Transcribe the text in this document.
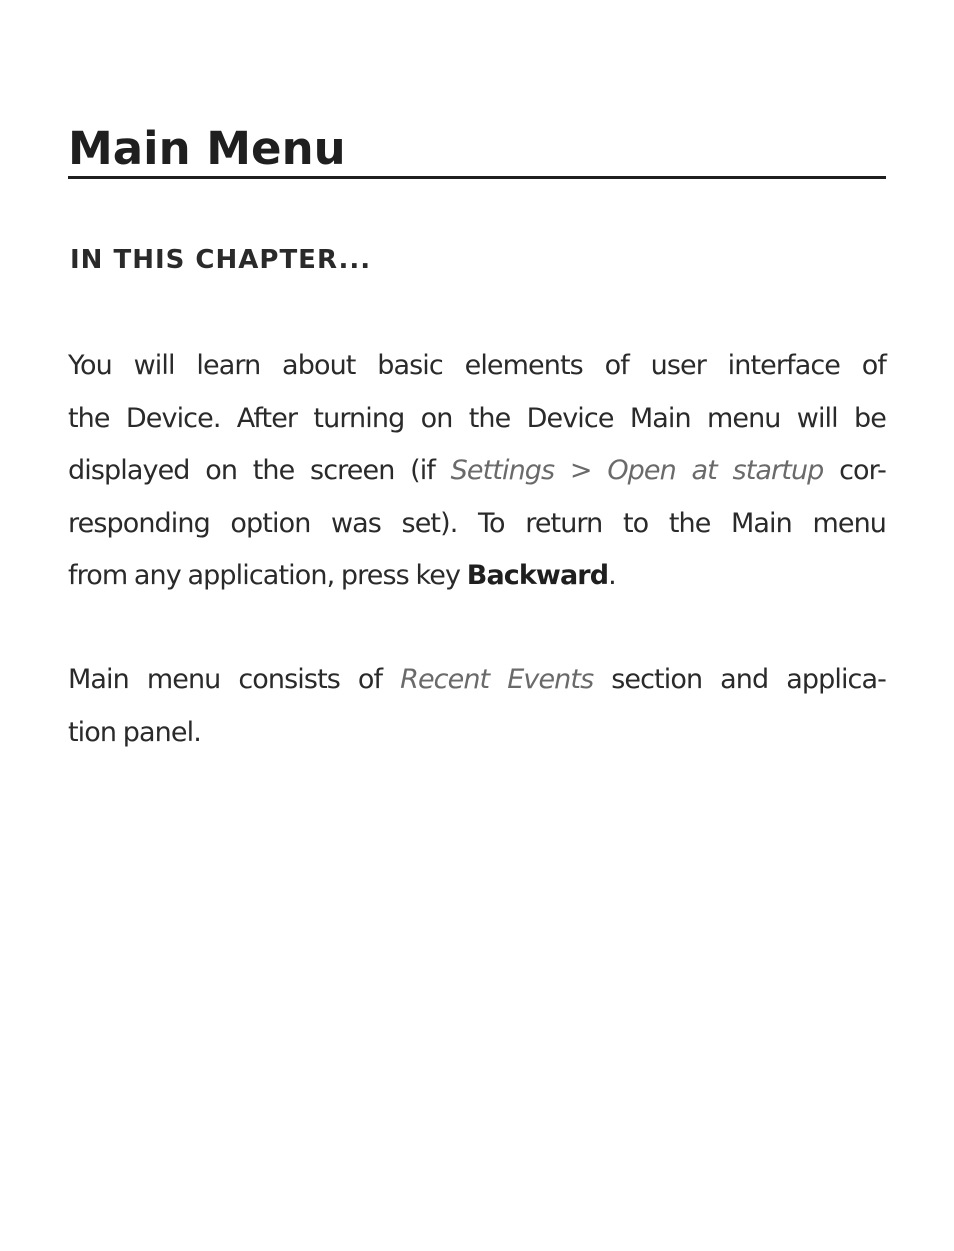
Main Menu
IN THIS CHAPTER...
You will learn about basic elements of user interface of
the Device. After turning on the Device Main menu will be
displayed on the screen (if Settings > Open at startup cor-
responding option was set). To return to the Main menu
from any application, press key Backward.
Main menu consists of Recent Events section and applica-
tion panel.
